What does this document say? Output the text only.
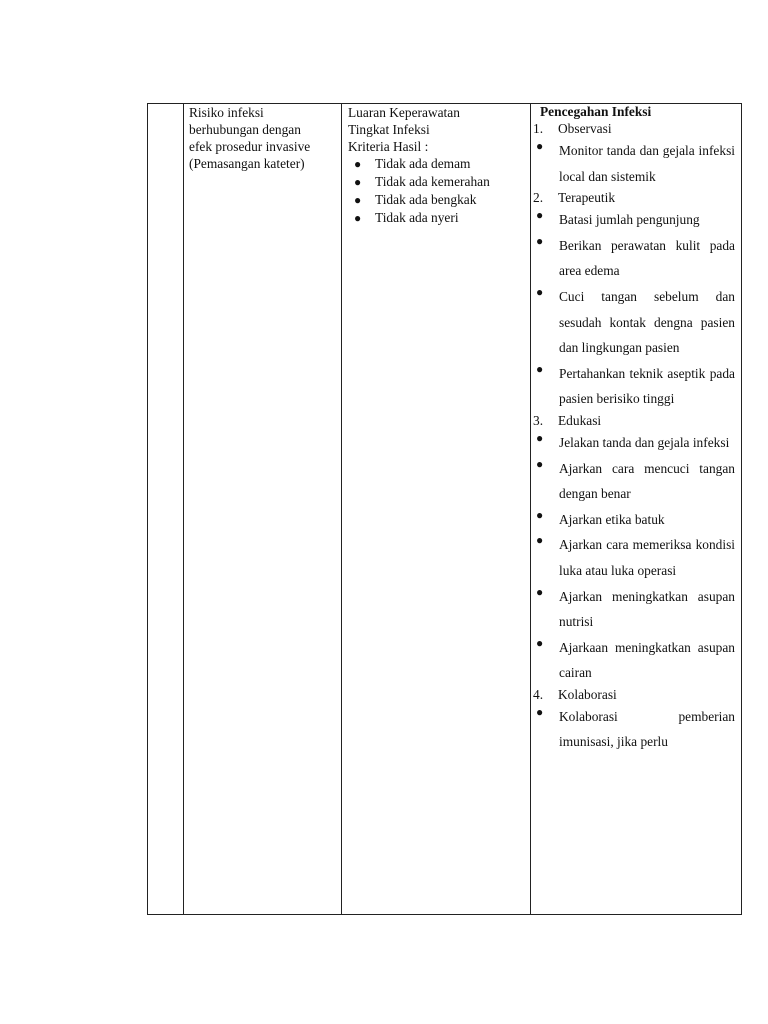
Risiko infeksi
berhubungan dengan
efek prosedur invasive
(Pemasangan kateter)
Luaran Keperawatan
Tingkat Infeksi
Kriteria Hasil :
● Tidak ada demam
● Tidak ada kemerahan
● Tidak ada bengkak
● Tidak ada nyeri
Pencegahan Infeksi
1. Observasi
● Monitor tanda dan gejala infeksi local dan sistemik
2. Terapeutik
● Batasi jumlah pengunjung
● Berikan perawatan kulit pada area edema
● Cuci tangan sebelum dan sesudah kontak dengna pasien dan lingkungan pasien
● Pertahankan teknik aseptik pada pasien berisiko tinggi
3. Edukasi
● Jelakan tanda dan gejala infeksi
● Ajarkan cara mencuci tangan dengan benar
● Ajarkan etika batuk
● Ajarkan cara memeriksa kondisi luka atau luka operasi
● Ajarkan meningkatkan asupan nutrisi
● Ajarkaan meningkatkan asupan cairan
4. Kolaborasi
● Kolaborasi pemberian imunisasi, jika perlu
